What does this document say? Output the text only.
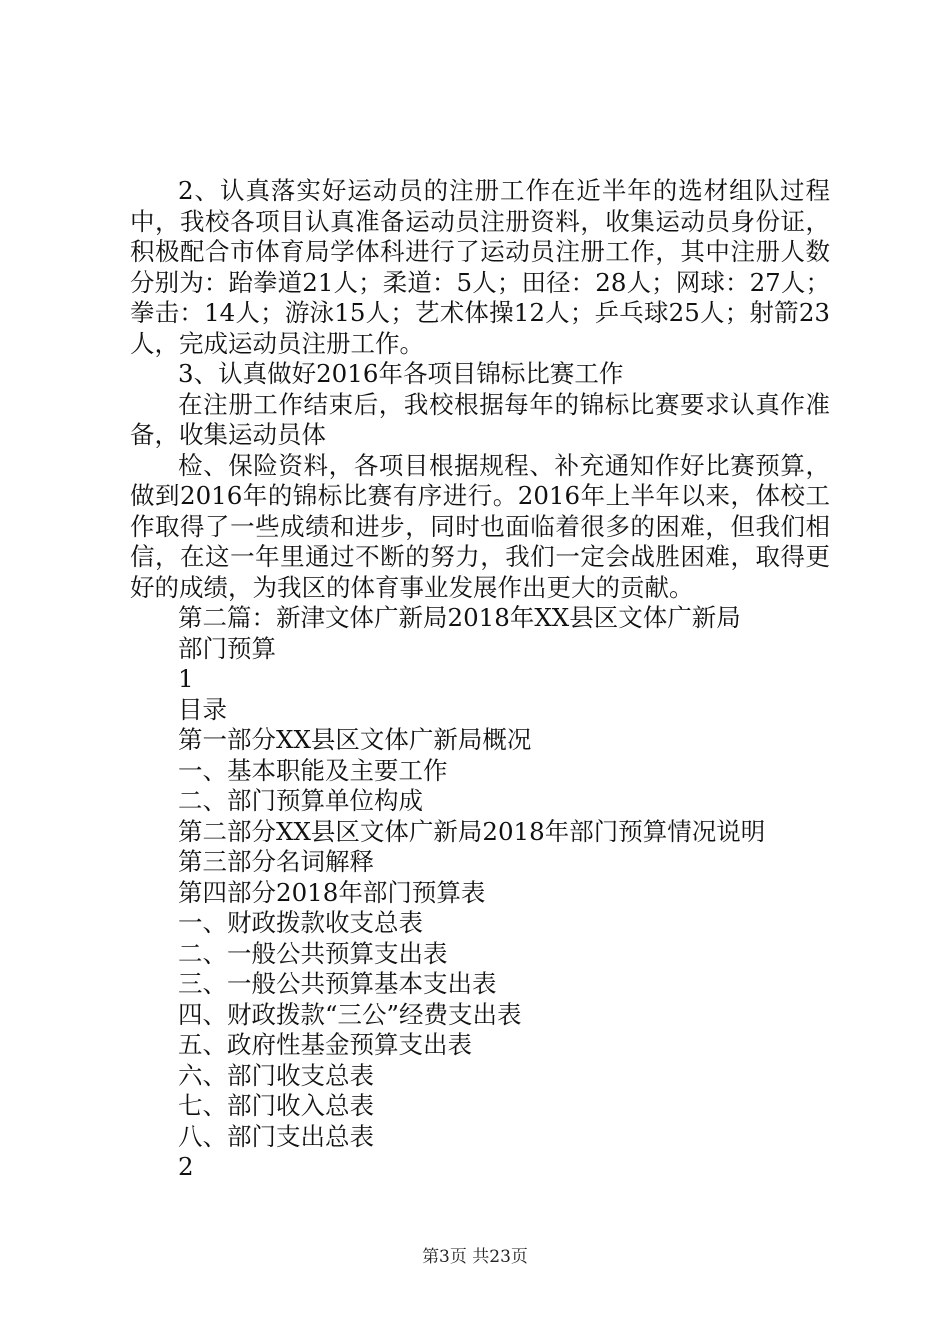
2、认真落实好运动员的注册工作在近半年的选材组队过程中，我校各项目认真准备运动员注册资料，收集运动员身份证，积极配合市体育局学体科进行了运动员注册工作，其中注册人数分别为：跆拳道21人；柔道：5人；田径：28人；网球：27人；拳击：14人；游泳15人；艺术体操12人；乒乓球25人；射箭23人，完成运动员注册工作。

3、认真做好2016年各项目锦标比赛工作

在注册工作结束后，我校根据每年的锦标比赛要求认真作准备，收集运动员体

检、保险资料，各项目根据规程、补充通知作好比赛预算，做到2016年的锦标比赛有序进行。2016年上半年以来，体校工作取得了一些成绩和进步，同时也面临着很多的困难，但我们相信，在这一年里通过不断的努力，我们一定会战胜困难，取得更好的成绩，为我区的体育事业发展作出更大的贡献。

第二篇：新津文体广新局2018年XX县区文体广新局

部门预算

1

目录

第一部分XX县区文体广新局概况

一、基本职能及主要工作

二、部门预算单位构成

第二部分XX县区文体广新局2018年部门预算情况说明

第三部分名词解释

第四部分2018年部门预算表

一、财政拨款收支总表

二、一般公共预算支出表

三、一般公共预算基本支出表

四、财政拨款“三公”经费支出表

五、政府性基金预算支出表

六、部门收支总表

七、部门收入总表

八、部门支出总表

2

第3页 共23页
